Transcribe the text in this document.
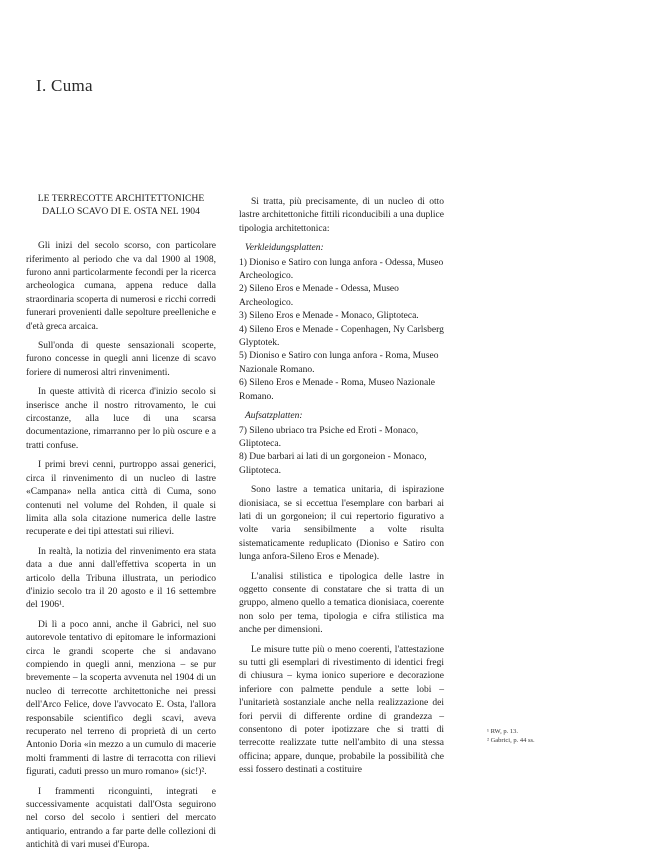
I. Cuma
LE TERRECOTTE ARCHITETTONICHE DALLO SCAVO DI E. OSTA NEL 1904

Gli inizi del secolo scorso, con particolare riferimento al periodo che va dal 1900 al 1908, furono anni particolarmente fecondi per la ricerca archeologica cumana, appena reduce dalla straordinaria scoperta di numerosi e ricchi corredi funerari provenienti dalle sepolture preelleniche e d'età greca arcaica.

Sull'onda di queste sensazionali scoperte, furono concesse in quegli anni licenze di scavo foriere di numerosi altri rinvenimenti.

In queste attività di ricerca d'inizio secolo si inserisce anche il nostro ritrovamento, le cui circostanze, alla luce di una scarsa documentazione, rimarranno per lo più oscure e a tratti confuse.

I primi brevi cenni, purtroppo assai generici, circa il rinvenimento di un nucleo di lastre «Campana» nella antica città di Cuma, sono contenuti nel volume del Rohden, il quale si limita alla sola citazione numerica delle lastre recuperate e dei tipi attestati sui rilievi.

In realtà, la notizia del rinvenimento era stata data a due anni dall'effettiva scoperta in un articolo della Tribuna illustrata, un periodico d'inizio secolo tra il 20 agosto e il 16 settembre del 1906¹.

Di lì a poco anni, anche il Gabrici, nel suo autorevole tentativo di epitomare le informazioni circa le grandi scoperte che si andavano compiendo in quegli anni, menziona – se pur brevemente – la scoperta avvenuta nel 1904 di un nucleo di terrecotte architettoniche nei pressi dell'Arco Felice, dove l'avvocato E. Osta, l'allora responsabile scientifico degli scavi, aveva recuperato nel terreno di proprietà di un certo Antonio Doria «in mezzo a un cumulo di macerie molti frammenti di lastre di terracotta con rilievi figurati, caduti presso un muro romano» (sic!)².

I frammenti riconguinti, integrati e successivamente acquistati dall'Osta seguirono nel corso del secolo i sentieri del mercato antiquario, entrando a far parte delle collezioni di antichità di vari musei d'Europa.

Si tratta, più precisamente, di un nucleo di otto lastre architettoniche fittili riconducibili a una duplice tipologia architettonica:

Verkleidungsplatten:
1) Dioniso e Satiro con lunga anfora - Odessa, Museo Archeologico.
2) Sileno Eros e Menade - Odessa, Museo Archeologico.
3) Sileno Eros e Menade - Monaco, Gliptoteca.
4) Sileno Eros e Menade - Copenhagen, Ny Carlsberg Glyptotek.
5) Dioniso e Satiro con lunga anfora - Roma, Museo Nazionale Romano.
6) Sileno Eros e Menade - Roma, Museo Nazionale Romano.
Aufsatzplatten:
7) Sileno ubriaco tra Psiche ed Eroti - Monaco, Gliptoteca.
8) Due barbari ai lati di un gorgoneion - Monaco, Gliptoteca.

Sono lastre a tematica unitaria, di ispirazione dionisiaca, se si eccettua l'esemplare con barbari ai lati di un gorgoneion; il cui repertorio figurativo a volte varia sensibilmente a volte risulta sistematicamente reduplicato (Dioniso e Satiro con lunga anfora-Sileno Eros e Menade).

L'analisi stilistica e tipologica delle lastre in oggetto consente di constatare che si tratta di un gruppo, almeno quello a tematica dionisiaca, coerente non solo per tema, tipologia e cifra stilistica ma anche per dimensioni.

Le misure tutte più o meno coerenti, l'attestazione su tutti gli esemplari di rivestimento di identici fregi di chiusura – kyma ionico superiore e decorazione inferiore con palmette pendule a sette lobi – l'unitarietà sostanziale anche nella realizzazione dei fori pervii di differente ordine di grandezza – consentono di poter ipotizzare che si tratti di terrecotte realizzate tutte nell'ambito di una stessa officina; appare, dunque, probabile la possibilità che essi fossero destinati a costituire

¹ RW, p. 13.
² Gabrici, p. 44 ss.
